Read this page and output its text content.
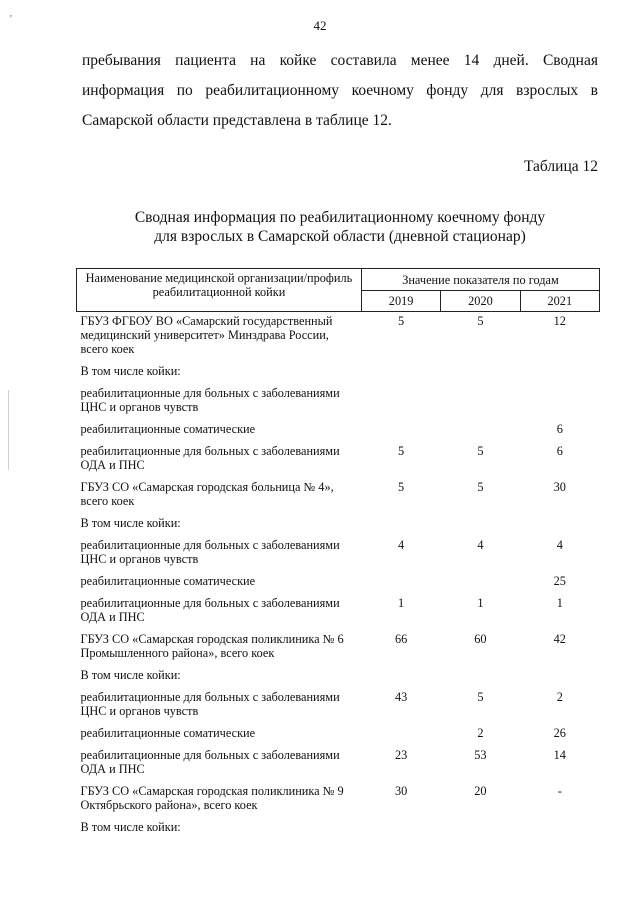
'	42

пребывания пациента на койке составила менее 14 дней. Сводная информация по реабилитационному коечному фонду для взрослых в Самарской области представлена в таблице 12.

Таблица 12
Сводная информация по реабилитационному коечному фонду
для взрослых в Самарской области (дневной стационар)
Наименование медицинской организации/профиль реабилитационной койки	Значение показателя по годам		
	2019	2020	2021
ГБУЗ ФГБОУ ВО «Самарский государственный медицинский университет» Минздрава России, всего коек	5	5	12
В том числе койки:			
реабилитационные для больных с заболеваниями ЦНС и органов чувств			
реабилитационные соматические			6
реабилитационные для больных с заболеваниями ОДА и ПНС	5	5	6
ГБУЗ СО «Самарская городская больница № 4», всего коек	5	5	30
В том числе койки:			
реабилитационные для больных с заболеваниями ЦНС и органов чувств	4	4	4
реабилитационные соматические			25
реабилитационные для больных с заболеваниями ОДА и ПНС	1	1	1
ГБУЗ СО «Самарская городская поликлиника № 6 Промышленного района», всего коек	66	60	42
В том числе койки:			
реабилитационные для больных с заболеваниями ЦНС и органов чувств	43	5	2
реабилитационные соматические		2	26
реабилитационные для больных с заболеваниями ОДА и ПНС	23	53	14
ГБУЗ СО «Самарская городская поликлиника № 9 Октябрьского района», всего коек	30	20	-
В том числе койки:			
